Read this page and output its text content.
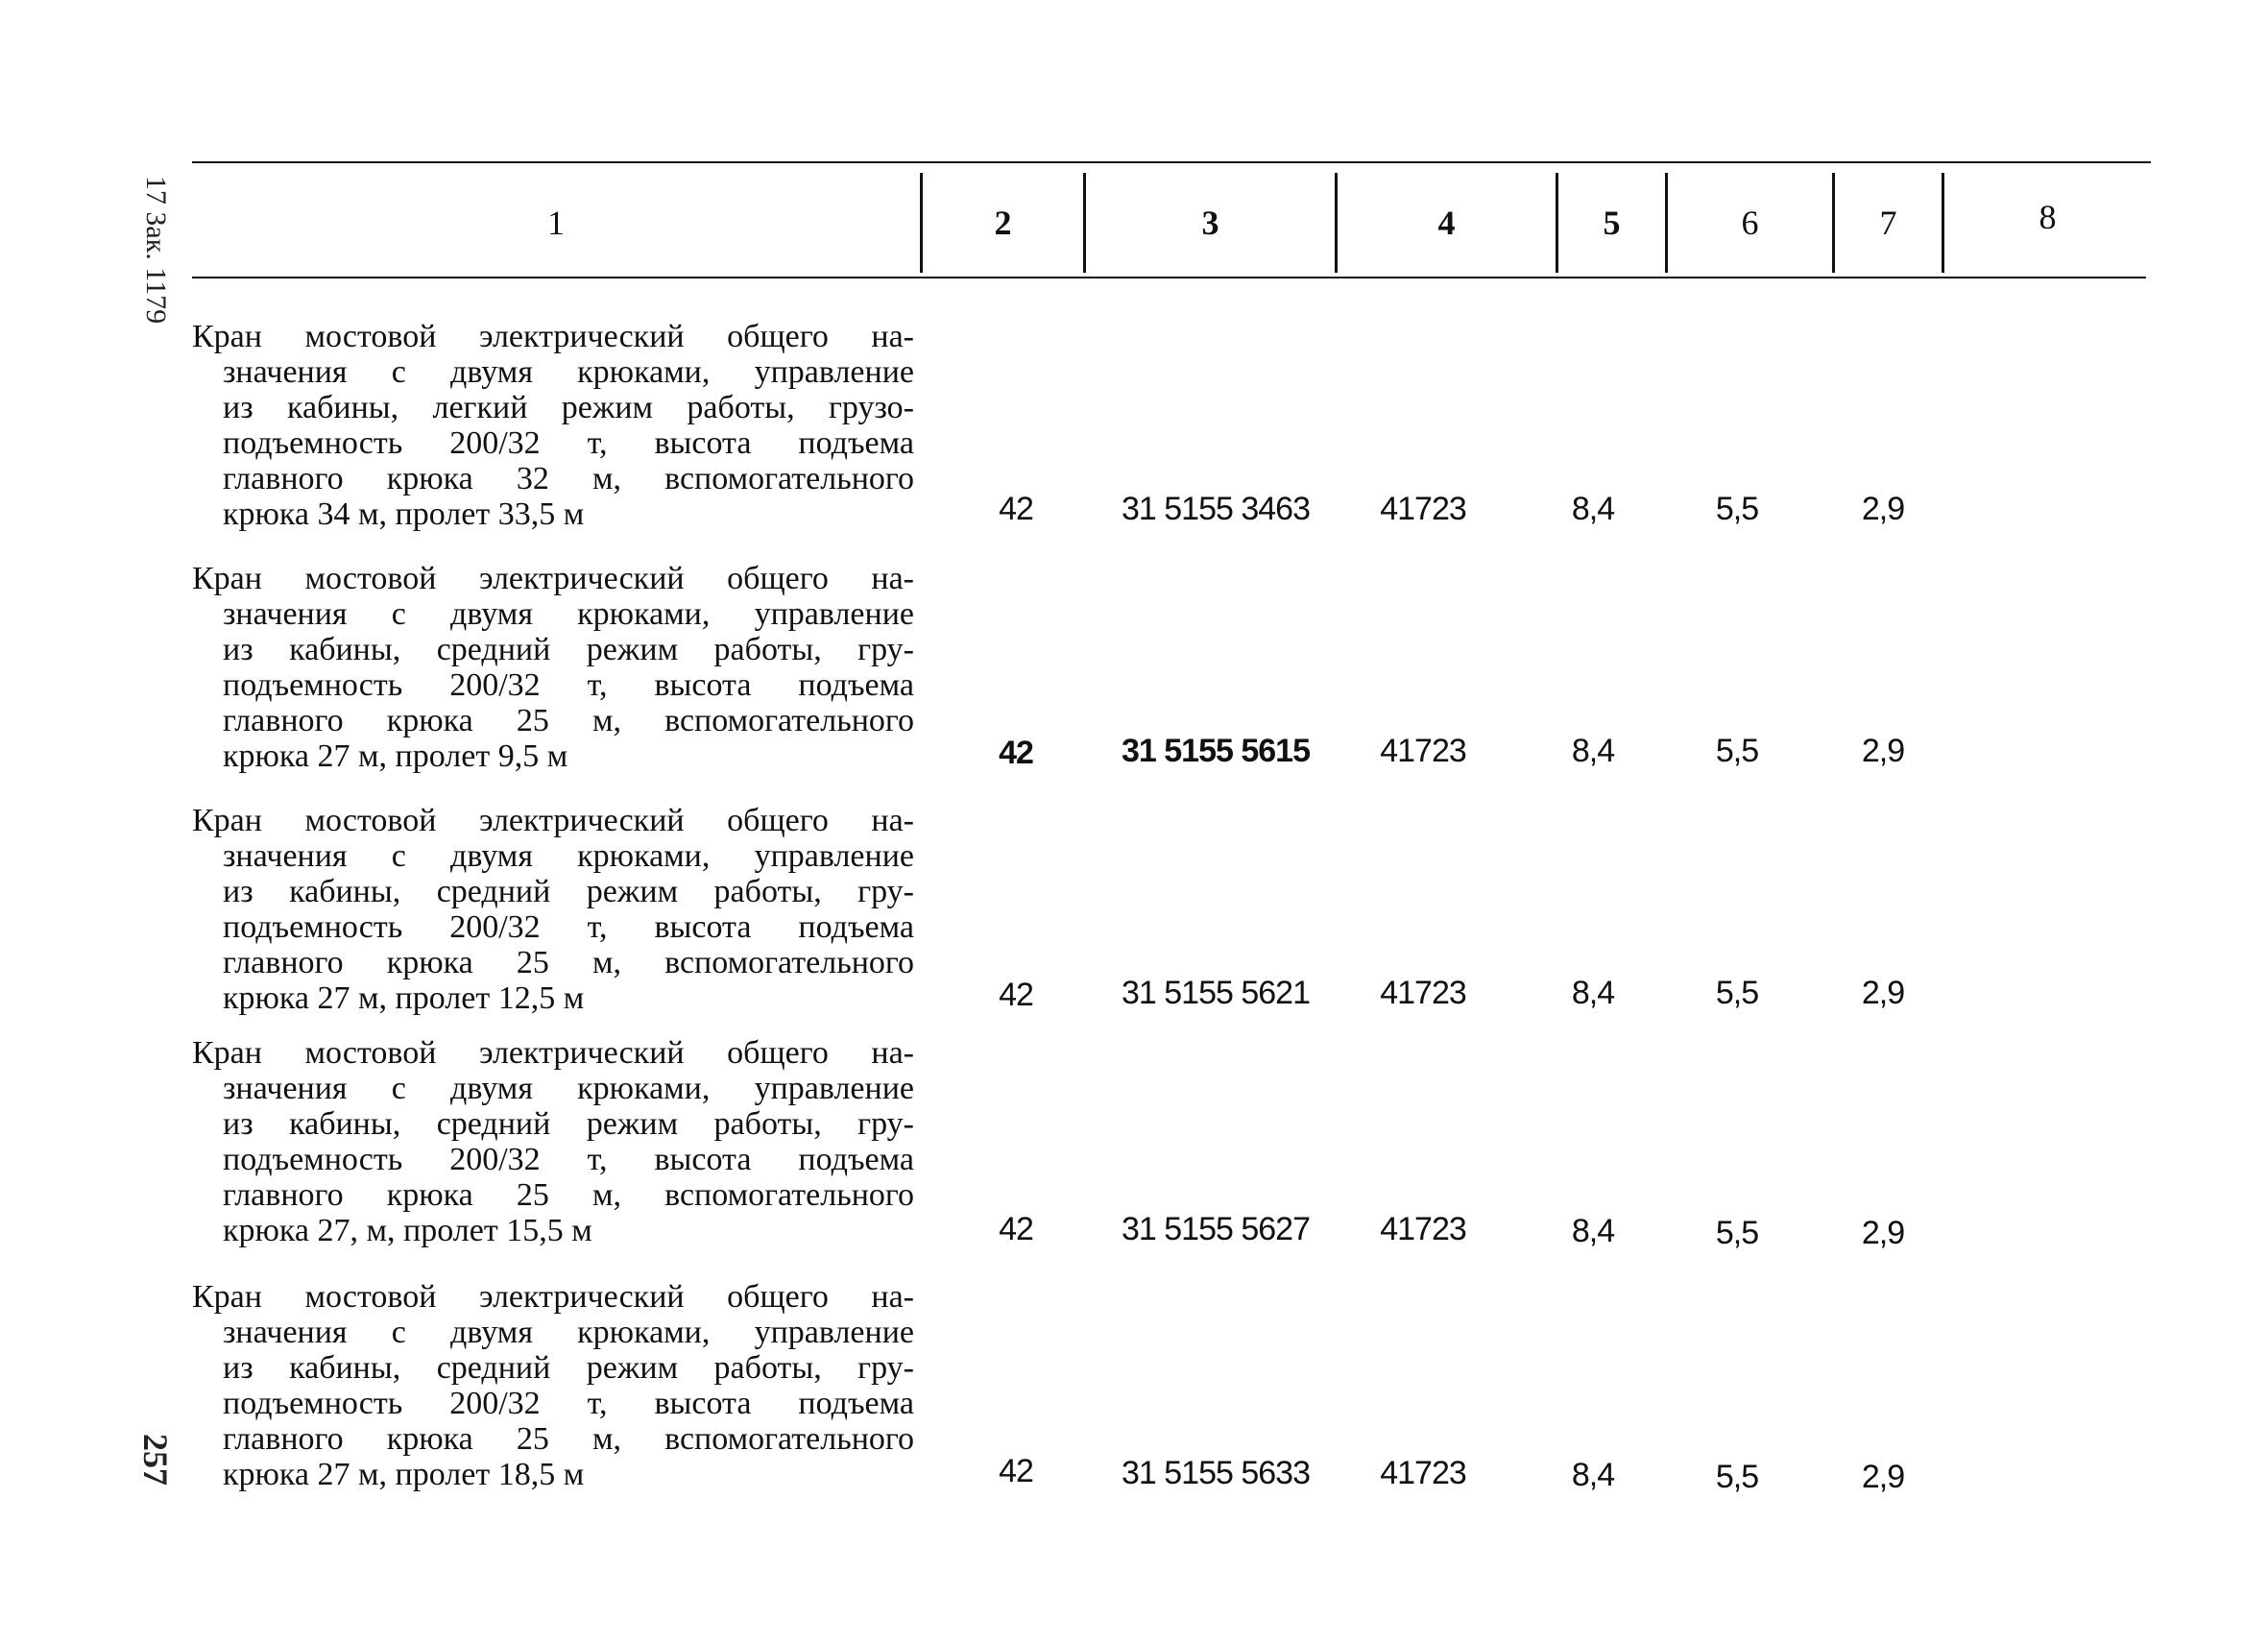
17 Зак. 1179
257
1	2	3	4	5	6	7	8
Кран мостовой электрический общего на-
значения с двумя крюками, управление
из кабины, легкий режим работы, грузо-
подъемность 200/32 т, высота подъема
главного крюка 32 м, вспомогательного
крюка 34 м, пролет 33,5 м	42	31 5155 3463	41723	8,4	5,5	2,9
Кран мостовой электрический общего на-
значения с двумя крюками, управление
из кабины, средний режим работы, гру-
подъемность 200/32 т, высота подъема
главного крюка 25 м, вспомогательного
крюка 27 м, пролет 9,5 м	42	31 5155 5615	41723	8,4	5,5	2,9
Кран мостовой электрический общего на-
значения с двумя крюками, управление
из кабины, средний режим работы, гру-
подъемность 200/32 т, высота подъема
главного крюка 25 м, вспомогательного
крюка 27 м, пролет 12,5 м	42	31 5155 5621	41723	8,4	5,5	2,9
Кран мостовой электрический общего на-
значения с двумя крюками, управление
из кабины, средний режим работы, гру-
подъемность 200/32 т, высота подъема
главного крюка 25 м, вспомогательного
крюка 27, м, пролет 15,5 м	42	31 5155 5627	41723	8,4	5,5	2,9
Кран мостовой электрический общего на-
значения с двумя крюками, управление
из кабины, средний режим работы, гру-
подъемность 200/32 т, высота подъема
главного крюка 25 м, вспомогательного
крюка 27 м, пролет 18,5 м	42	31 5155 5633	41723	8,4	5,5	2,9
